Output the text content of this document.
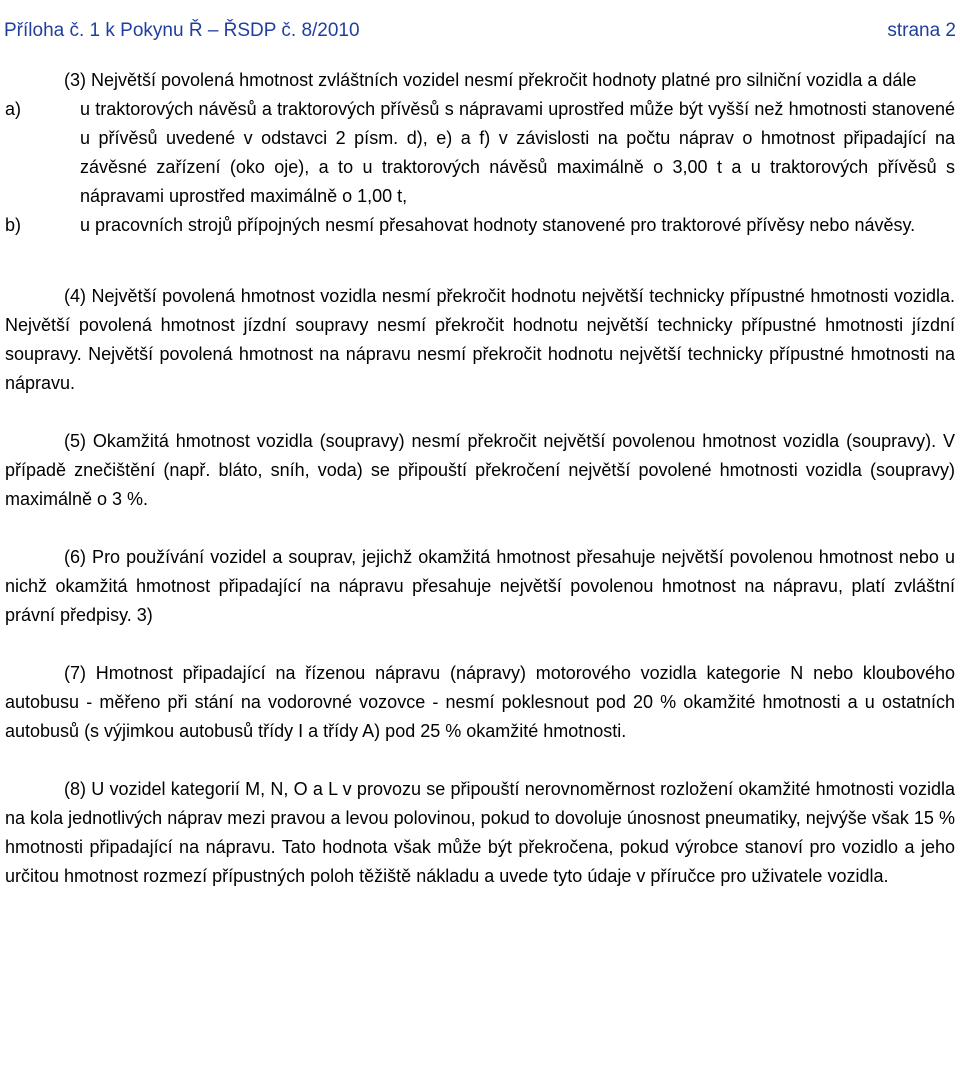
Příloha č. 1 k Pokynu Ř – ŘSDP č. 8/2010	strana 2

(3) Největší povolená hmotnost zvláštních vozidel nesmí překročit hodnoty platné pro silniční vozidla a dále

a)	u traktorových návěsů a traktorových přívěsů s nápravami uprostřed může být vyšší než hmotnosti stanovené u přívěsů uvedené v odstavci 2 písm. d), e) a f) v závislosti na počtu náprav o hmotnost připadající na závěsné zařízení (oko oje), a to u traktorových návěsů maximálně o 3,00 t a u traktorových přívěsů s nápravami uprostřed maximálně o 1,00 t,
b)	u pracovních strojů přípojných nesmí přesahovat hodnoty stanovené pro traktorové přívěsy nebo návěsy.

(4) Největší povolená hmotnost vozidla nesmí překročit hodnotu největší technicky přípustné hmotnosti vozidla. Největší povolená hmotnost jízdní soupravy nesmí překročit hodnotu největší technicky přípustné hmotnosti jízdní soupravy. Největší povolená hmotnost na nápravu nesmí překročit hodnotu největší technicky přípustné hmotnosti na nápravu.

(5) Okamžitá hmotnost vozidla (soupravy) nesmí překročit největší povolenou hmotnost vozidla (soupravy). V případě znečištění (např. bláto, sníh, voda) se připouští překročení největší povolené hmotnosti vozidla (soupravy) maximálně o 3 %.

(6) Pro používání vozidel a souprav, jejichž okamžitá hmotnost přesahuje největší povolenou hmotnost nebo u nichž okamžitá hmotnost připadající na nápravu přesahuje největší povolenou hmotnost na nápravu, platí zvláštní právní předpisy. 3)

(7) Hmotnost připadající na řízenou nápravu (nápravy) motorového vozidla kategorie N nebo kloubového autobusu - měřeno při stání na vodorovné vozovce - nesmí poklesnout pod 20 % okamžité hmotnosti a u ostatních autobusů (s výjimkou autobusů třídy I a třídy A) pod 25 % okamžité hmotnosti.

(8) U vozidel kategorií M, N, O a L v provozu se připouští nerovnoměrnost rozložení okamžité hmotnosti vozidla na kola jednotlivých náprav mezi pravou a levou polovinou, pokud to dovoluje únosnost pneumatiky, nejvýše však 15 % hmotnosti připadající na nápravu. Tato hodnota však může být překročena, pokud výrobce stanoví pro vozidlo a jeho určitou hmotnost rozmezí přípustných poloh těžiště nákladu a uvede tyto údaje v příručce pro uživatele vozidla.
